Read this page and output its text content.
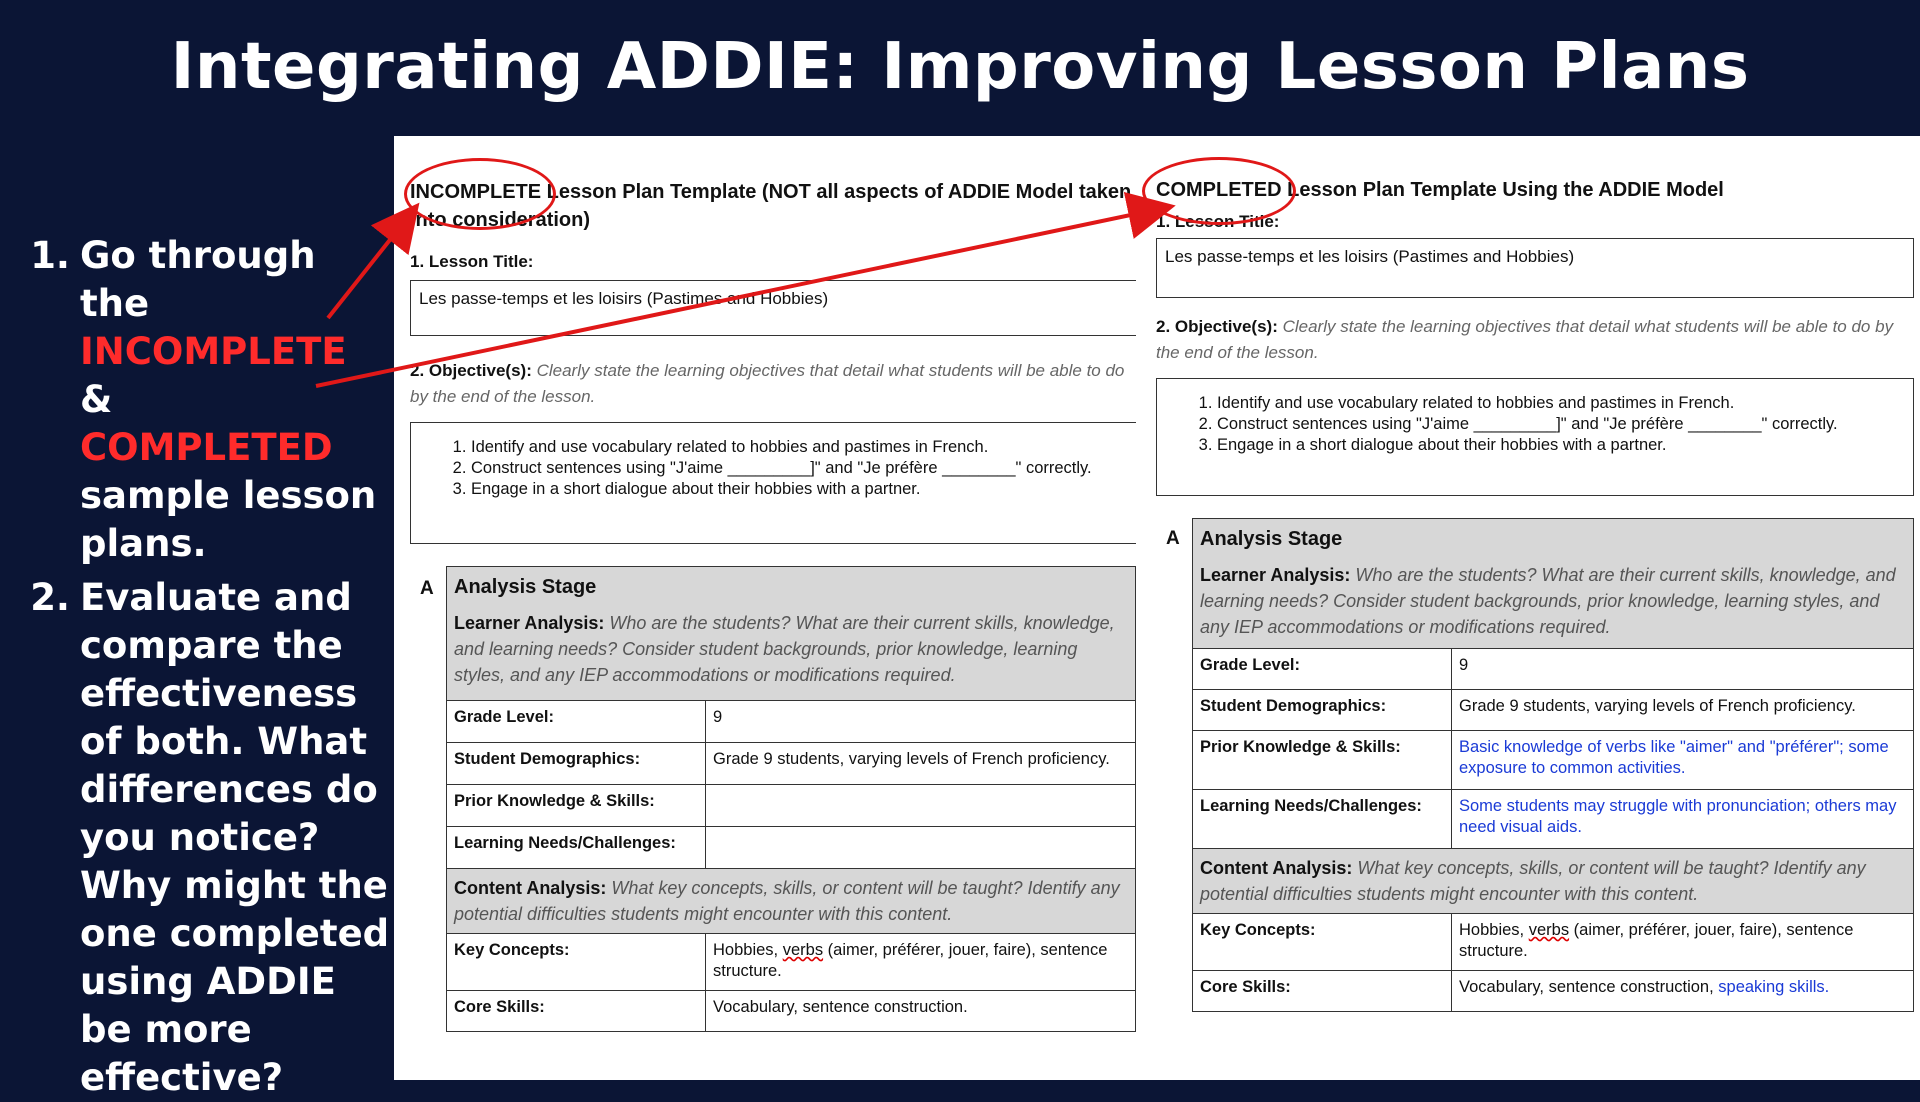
Integrating ADDIE: Improving Lesson Plans
1. Go through the
INCOMPLETE &
COMPLETED
sample lesson plans.
2. Evaluate and compare the effectiveness of both. What differences do you notice? Why might the one completed using ADDIE be more effective?
INCOMPLETE Lesson Plan Template (NOT all aspects of ADDIE Model taken into consideration)
1. Lesson Title:
Les passe-temps et les loisirs (Pastimes and Hobbies)
2. Objective(s): Clearly state the learning objectives that detail what students will be able to do by the end of the lesson.
1. Identify and use vocabulary related to hobbies and pastimes in French.
2. Construct sentences using "J'aime _________]" and "Je préfère ________" correctly.
3. Engage in a short dialogue about their hobbies with a partner.
A Analysis Stage
Learner Analysis: Who are the students? What are their current skills, knowledge, and learning needs? Consider student backgrounds, prior knowledge, learning styles, and any IEP accommodations or modifications required.	

Grade Level:	9
Student Demographics:	Grade 9 students, varying levels of French proficiency.
Prior Knowledge & Skills:	
Learning Needs/Challenges:	

Content Analysis: What key concepts, skills, or content will be taught? Identify any potential difficulties students might encounter with this content.	

Key Concepts:	Hobbies, verbs (aimer, préférer, jouer, faire), sentence structure.
Core Skills:	Vocabulary, sentence construction.
COMPLETED Lesson Plan Template Using the ADDIE Model
1. Lesson Title:
Les passe-temps et les loisirs (Pastimes and Hobbies)
2. Objective(s): Clearly state the learning objectives that detail what students will be able to do by the end of the lesson.
1. Identify and use vocabulary related to hobbies and pastimes in French.
2. Construct sentences using "J'aime _________]" and "Je préfère ________" correctly.
3. Engage in a short dialogue about their hobbies with a partner.
A Analysis Stage
Learner Analysis: Who are the students? What are their current skills, knowledge, and learning needs? Consider student backgrounds, prior knowledge, learning styles, and any IEP accommodations or modifications required.	

Grade Level:	9
Student Demographics:	Grade 9 students, varying levels of French proficiency.
Prior Knowledge & Skills:	Basic knowledge of verbs like "aimer" and "préférer"; some exposure to common activities.
Learning Needs/Challenges:	Some students may struggle with pronunciation; others may need visual aids.

Content Analysis: What key concepts, skills, or content will be taught? Identify any potential difficulties students might encounter with this content.	

Key Concepts:	Hobbies, verbs (aimer, préférer, jouer, faire), sentence structure.
Core Skills:	Vocabulary, sentence construction, speaking skills.
